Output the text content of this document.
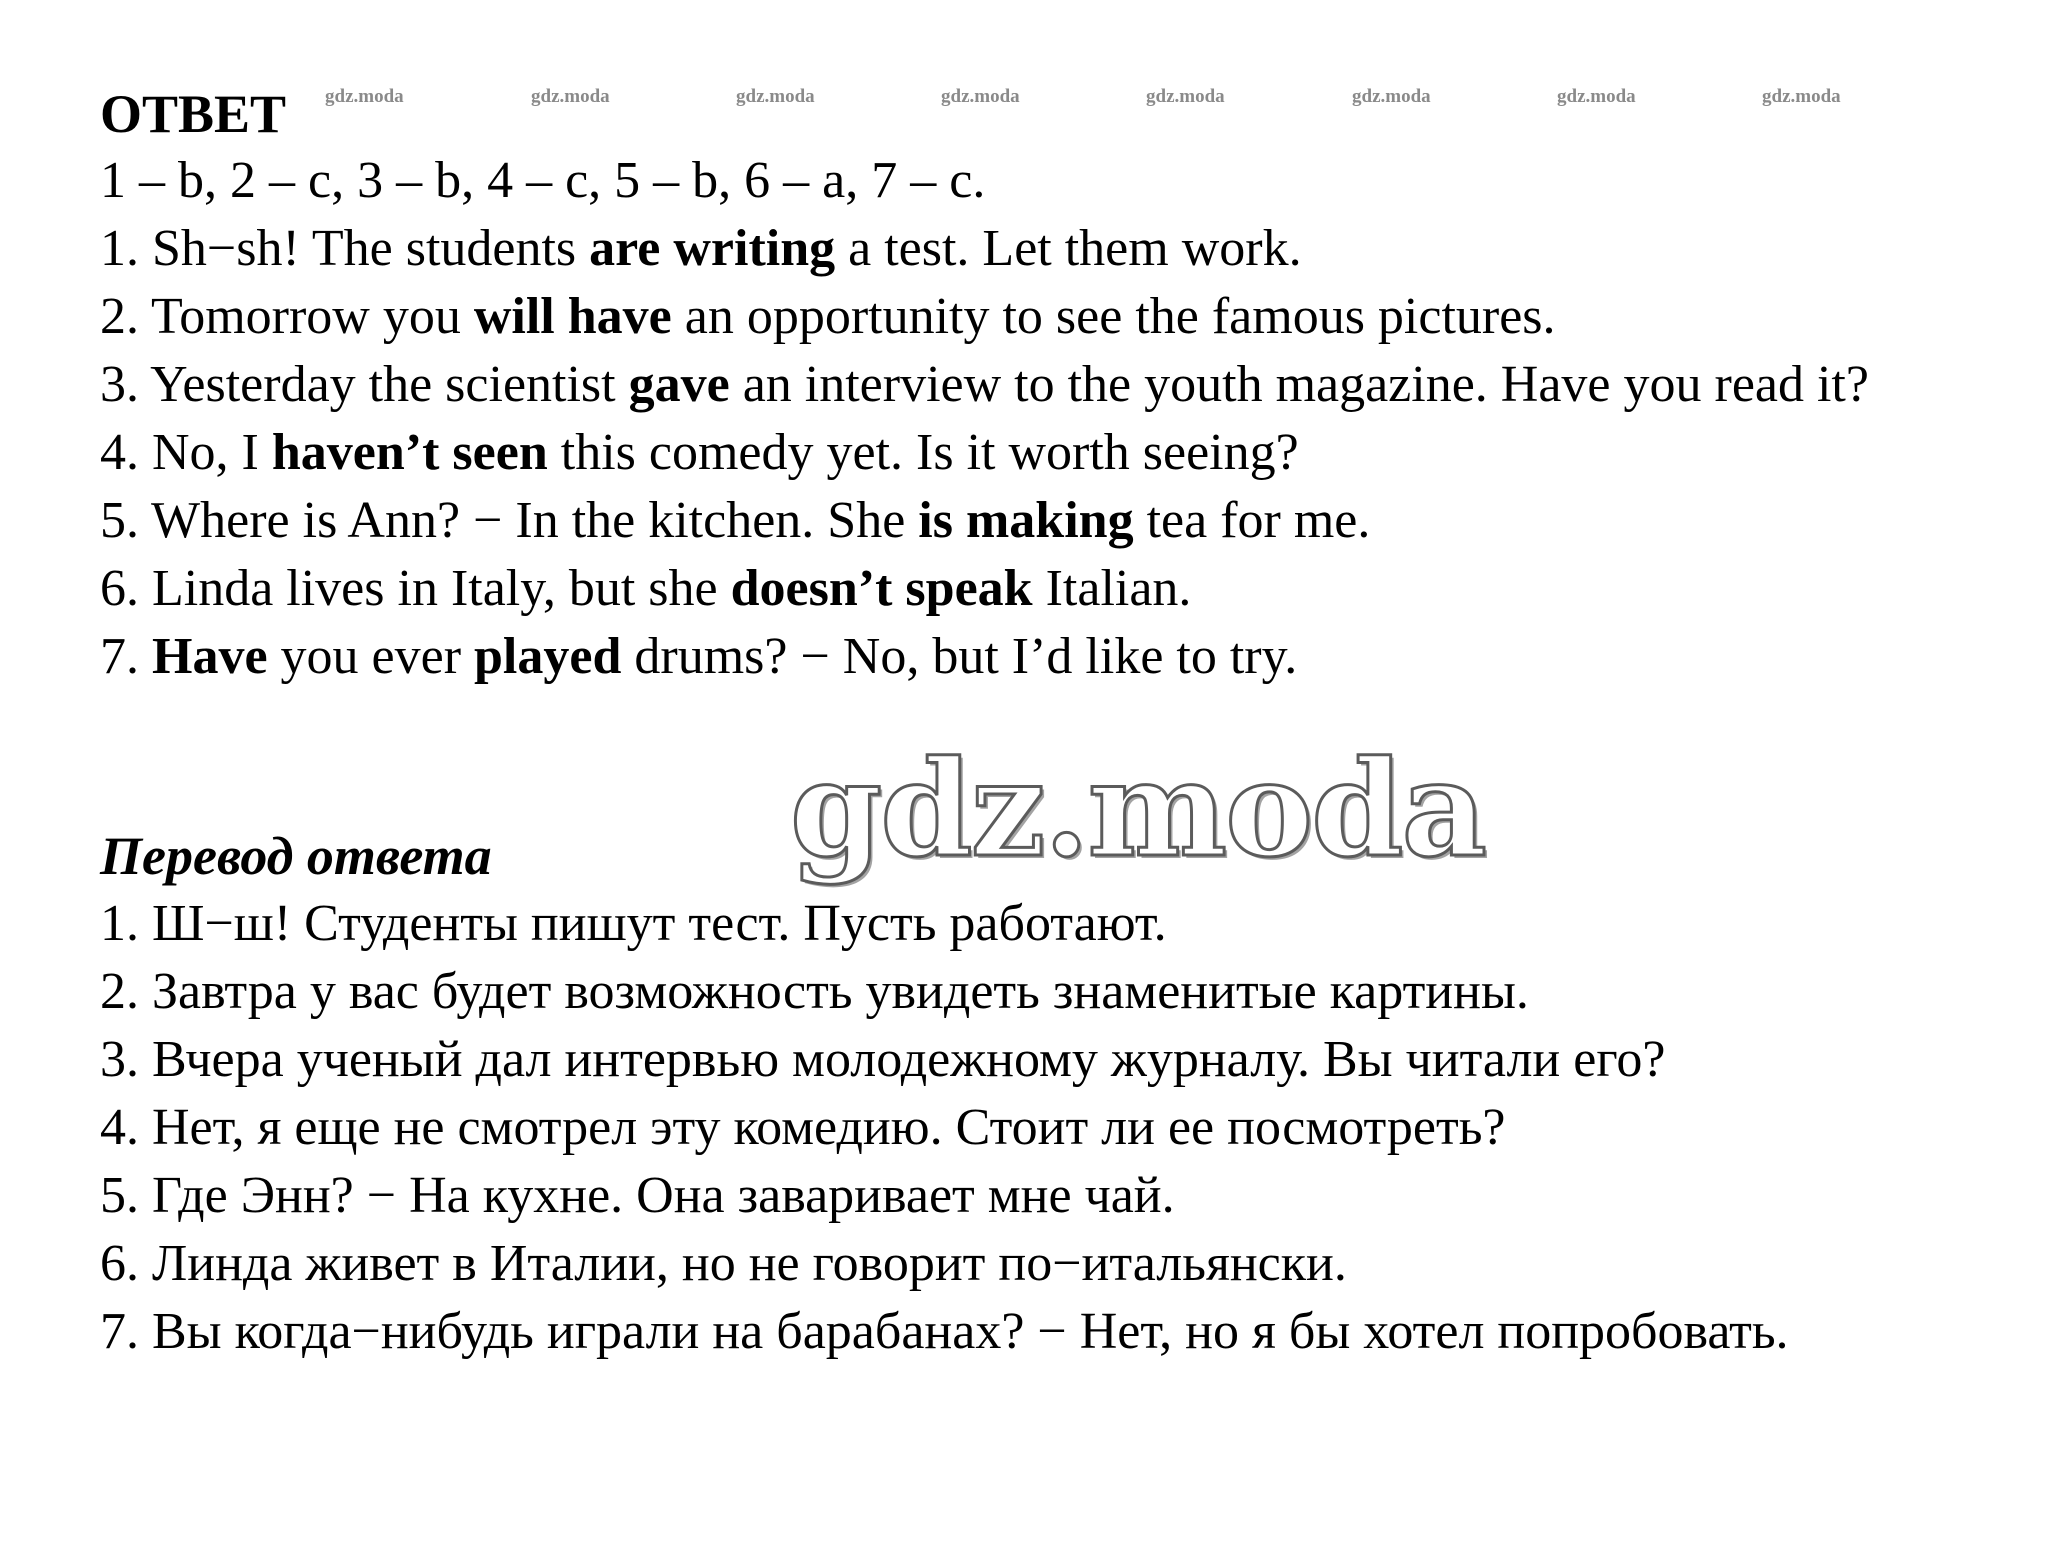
ОТВЕТ gdz.moda	gdz.moda	gdz.moda	gdz.moda	gdz.moda	gdz.moda	gdz.moda	gdz.moda

1 – b, 2 – c, 3 – b, 4 – c, 5 – b, 6 – a, 7 – c.

1. Sh−sh! The students are writing a test. Let them work.

2. Tomorrow you will have an opportunity to see the famous pictures.

3. Yesterday the scientist gave an interview to the youth magazine. Have you read it?

4. No, I haven’t seen this comedy yet. Is it worth seeing?

5. Where is Ann? − In the kitchen. She is making tea for me.

6. Linda lives in Italy, but she doesn’t speak Italian.

7. Have you ever played drums? − No, but I’d like to try.

gdz.moda
Перевод ответа

1. Ш−ш! Студенты пишут тест. Пусть работают.

2. Завтра у вас будет возможность увидеть знаменитые картины.

3. Вчера ученый дал интервью молодежному журналу. Вы читали его?

4. Нет, я еще не смотрел эту комедию. Стоит ли ее посмотреть?

5. Где Энн? − На кухне. Она заваривает мне чай.

6. Линда живет в Италии, но не говорит по−итальянски.

7. Вы когда−нибудь играли на барабанах? − Нет, но я бы хотел попробовать.
